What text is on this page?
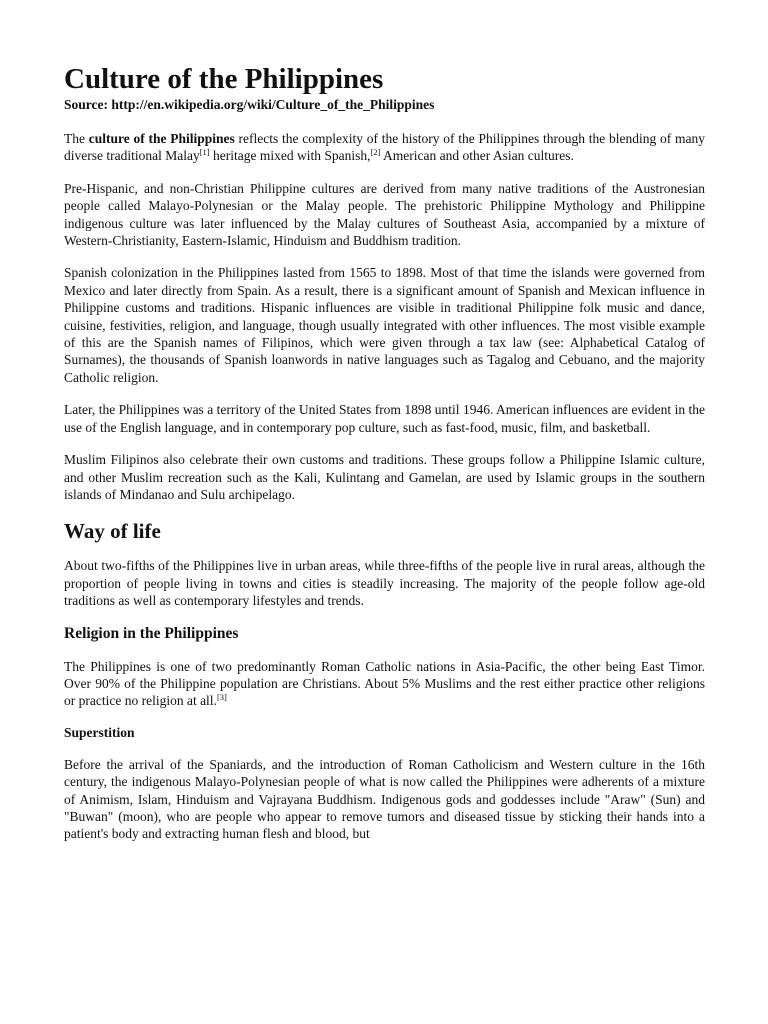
Culture of the Philippines
Source: http://en.wikipedia.org/wiki/Culture_of_the_Philippines

The culture of the Philippines reflects the complexity of the history of the Philippines through the blending of many diverse traditional Malay[1] heritage mixed with Spanish,[2] American and other Asian cultures.

Pre-Hispanic, and non-Christian Philippine cultures are derived from many native traditions of the Austronesian people called Malayo-Polynesian or the Malay people. The prehistoric Philippine Mythology and Philippine indigenous culture was later influenced by the Malay cultures of Southeast Asia, accompanied by a mixture of Western-Christianity, Eastern-Islamic, Hinduism and Buddhism tradition.

Spanish colonization in the Philippines lasted from 1565 to 1898. Most of that time the islands were governed from Mexico and later directly from Spain. As a result, there is a significant amount of Spanish and Mexican influence in Philippine customs and traditions. Hispanic influences are visible in traditional Philippine folk music and dance, cuisine, festivities, religion, and language, though usually integrated with other influences. The most visible example of this are the Spanish names of Filipinos, which were given through a tax law (see: Alphabetical Catalog of Surnames), the thousands of Spanish loanwords in native languages such as Tagalog and Cebuano, and the majority Catholic religion.

Later, the Philippines was a territory of the United States from 1898 until 1946. American influences are evident in the use of the English language, and in contemporary pop culture, such as fast-food, music, film, and basketball.

Muslim Filipinos also celebrate their own customs and traditions. These groups follow a Philippine Islamic culture, and other Muslim recreation such as the Kali, Kulintang and Gamelan, are used by Islamic groups in the southern islands of Mindanao and Sulu archipelago.

Way of life

About two-fifths of the Philippines live in urban areas, while three-fifths of the people live in rural areas, although the proportion of people living in towns and cities is steadily increasing. The majority of the people follow age-old traditions as well as contemporary lifestyles and trends.

Religion in the Philippines

The Philippines is one of two predominantly Roman Catholic nations in Asia-Pacific, the other being East Timor. Over 90% of the Philippine population are Christians. About 5% Muslims and the rest either practice other religions or practice no religion at all.[3]

Superstition

Before the arrival of the Spaniards, and the introduction of Roman Catholicism and Western culture in the 16th century, the indigenous Malayo-Polynesian people of what is now called the Philippines were adherents of a mixture of Animism, Islam, Hinduism and Vajrayana Buddhism. Indigenous gods and goddesses include "Araw" (Sun) and "Buwan" (moon), who are people who appear to remove tumors and diseased tissue by sticking their hands into a patient's body and extracting human flesh and blood, but
